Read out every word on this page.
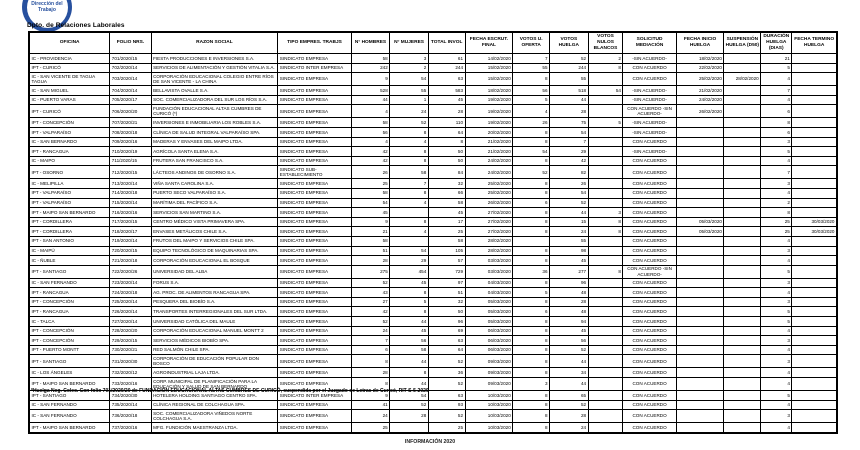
Dirección del
Trabajo
Dpto. de Relaciones Laborales
OFICINA	FOLIO NRS.	RAZON SOCIAL	TIPO EMPRES. TRABJS	N° HOMBRES	N° MUJERES	TOTAL INVOL	FECHA ESCRUT. FINAL	VOTOS U. OFERTA	VOTOS HUELGA	VOTOS NULOS BLANCOS	SOLICITUD MEDIACIÓN	FECHA INICIO HUELGA	SUSPENSIÓN HUELGA (D50)	DURACIÓN HUELGA (DIAS)	FECHA TERMINO HUELGA
IC - PROVIDENCIA	701/2020/15	FIESTA PRODUCCIONES E INVERSIONES S.A.	SINDICATO EMPRESA	58	3	61	14/02/2020	7	52	2	-SIN ACUERDO-	18/02/2020		21	
IPT - CURICÓ	702/2020/14	SERVICIOS DE ALIMENTACIÓN Y GESTIÓN VITALIA S.A.	SINDICATO INTER EMPRESA	242	2	244	15/02/2020	55	244	8	CON ACUERDO	22/02/2020		5	
IC - SAN VICENTE DE TAGUA TAGUA	703/2020/14	CORPORACIÓN EDUCACIONAL COLEGIO ENTRE RÍOS DE SAN VICENTE - LA CHINA	SINDICATO EMPRESA	9	54	63	15/02/2020	8	55		CON ACUERDO	25/02/2020	28/02/2020	4	
IC - SAN MIGUEL	704/2020/14	BELLAVISTA OVALLE S.A.	SINDICATO EMPRESA	528	55	583	18/02/2020	56	518	54	-SIN ACUERDO-	21/02/2020		7	
IC - PUERTO VARAS	705/2020/17	SOC. COMERCIALIZADORA DEL SUR LOS RÍOS S.A.	SINDICATO EMPRESA	44	1	45	19/02/2020	5	44		-SIN ACUERDO-	24/02/2020		4	
IPT - CURICÓ	706/2020/20	FUNDACIÓN EDUCACIONAL ALTAS CUMBRES DE CURICÓ (*)	SINDICATO EMPRESA	4	24	28	19/02/2020	4	28		CON ACUERDO -SIN ACUERDO-	26/02/2020		6	
IPT - CONCEPCIÓN	707/2020/21	INVERSIONES E INMOBILIARIA LOS ROBLES S.A.	SINDICATO EMPRESA	58	52	110	19/02/2020	26	75	5	-SIN ACUERDO-			8	
IPT - VALPARAÍSO	708/2020/18	CLÍNICA DE SALUD INTEGRAL VALPARAÍSO SPA.	SINDICATO EMPRESA	56	8	64	20/02/2020	8	54		-SIN ACUERDO-			6	
IC - SAN BERNARDO	709/2020/16	MADERAS Y ENVASES DEL MAIPO LTDA.	SINDICATO EMPRESA	4	4	8	21/02/2020	8	7		CON ACUERDO			3	
IPT - RANCAGUA	710/2020/19	AGRÍCOLA SANTA ELENA S.A.	SINDICATO EMPRESA	42	8	50	21/02/2020	54	29		-SIN ACUERDO-			5	
IC - MAIPO	711/2020/15	FRUTERA SAN FRANCISCO S.A.	SINDICATO EMPRESA	42	8	50	24/02/2020	8	42		CON ACUERDO			4	
IPT - OSORNO	712/2020/15	LÁCTEOS ANDINOS DE OSORNO S.A.	SINDICATO SUB-ESTABLECIMIENTO	26	58	84	24/02/2020	52	82		CON ACUERDO			7	
IC - MELIPILLA	713/2020/14	VIÑA SANTA CAROLINA S.A.	SINDICATO EMPRESA	25	7	32	25/02/2020	8	26		CON ACUERDO			3	
IPT - VALPARAÍSO	714/2020/18	PUERTO SECO VALPARAÍSO S.A.	SINDICATO EMPRESA	58	8	66	25/02/2020	8	54		CON ACUERDO			4	
IPT - VALPARAÍSO	715/2020/14	MARÍTIMA DEL PACÍFICO S.A.	SINDICATO EMPRESA	54	4	58	26/02/2020	6	52		CON ACUERDO			2	
IPT - MAIPO SAN BERNARDO	716/2020/16	SERVICIOS SAN MARTINO S.A.	SINDICATO EMPRESA	45		45	27/02/2020	8	44	3	CON ACUERDO			8	
IPT - CORDILLERA	717/2020/15	CENTRO MÉDICO VISTA PRIMAVERA SPA.	SINDICATO EMPRESA	9	8	17	27/02/2020	8	15	8	CON ACUERDO	05/03/2020		25	30/03/2020
IPT - CORDILLERA	718/2020/17	ENVASES METÁLICOS CHILE S.A.	SINDICATO EMPRESA	21	4	25	27/02/2020	8	24	8	CON ACUERDO	05/03/2020		25	30/03/2020
IPT - SAN ANTONIO	719/2020/14	FRUTOS DEL MAIPO Y SERVICIOS CHILE SPA.	SINDICATO EMPRESA	58		58	28/02/2020		55		CON ACUERDO			4	
IC - MAIPÚ	720/2020/15	EQUIPO TECNOLÓGICO DE MAQUINARIAS SPA.	SINDICATO EMPRESA	51	54	105	28/02/2020	8	98		CON ACUERDO			3	
IC - ÑUBLE	721/2020/18	CORPORACIÓN EDUCACIONAL EL BOSQUE	SINDICATO EMPRESA	28	29	57	03/03/2020	8	45		CON ACUERDO			4	
IPT - SANTIAGO	722/2020/26	UNIVERSIDAD DEL ALBA	SINDICATO EMPRESA	275	454	729	03/03/2020	36	277	8	CON ACUERDO -SIN ACUERDO-			5	
IC - SAN FERNANDO	723/2020/14	FORUS S.A.	SINDICATO EMPRESA	52	45	97	04/03/2020	8	96		CON ACUERDO			3	
IPT - RANCAGUA	724/2020/18	AG. PROC. DE ALIMENTOS RANCAGUA SPA.	SINDICATO EMPRESA	43	8	51	04/03/2020	5	48		CON ACUERDO			4	
IPT - CONCEPCIÓN	725/2020/14	PESQUERA DEL BIOBÍO S.A.	SINDICATO EMPRESA	27	5	32	05/03/2020	8	28		CON ACUERDO			3	
IPT - RANCAGUA	726/2020/14	TRANSPORTES INTERREGIONALES DEL SUR LTDA.	SINDICATO EMPRESA	42	8	50	05/03/2020	6	48		CON ACUERDO			5	
IC - TALCA	727/2020/14	UNIVERSIDAD CATÓLICA DEL MAULE	SINDICATO EMPRESA	52	44	96	05/03/2020	8	94		CON ACUERDO			5	
IPT - CONCEPCIÓN	728/2020/20	CORPORACIÓN EDUCACIONAL MANUEL MONTT 2	SINDICATO EMPRESA	24	45	69	06/03/2020	8	45		CON ACUERDO			4	
IPT - CONCEPCIÓN	729/2020/15	SERVICIOS MÉDICOS BIOBÍO SPA.	SINDICATO EMPRESA	7	56	63	06/03/2020	8	56		CON ACUERDO			3	
IPT - PUERTO MONTT	730/2020/21	RED SALMÓN CHILE SPA.	SINDICATO EMPRESA	6	58	64	06/03/2020	8	52		CON ACUERDO			4	
IPT - SANTIAGO	731/2020/30	CORPORACIÓN DE EDUCACIÓN POPULAR DON BOSCO	SINDICATO EMPRESA	8	44	52	09/03/2020	8	44		CON ACUERDO			3	
IC - LOS ÁNGELES	732/2020/12	AGROINDUSTRIAL LAJA LTDA.	SINDICATO EMPRESA	28	8	36	09/03/2020	8	34		CON ACUERDO			4	
IPT - MAIPO SAN BERNARDO	733/2020/16	CORP. MUNICIPAL DE PLANIFICACIÓN PARA LA EDUCACIÓN Y SALUD DE SAN BERNARDO	SINDICATO EMPRESA	8	44	52	09/03/2020	3	44		CON ACUERDO			4	
IPT - SANTIAGO	734/2020/30	HOTELERA HOLDING SANTIAGO CENTRO SPA.	SINDICATO INTER EMPRESA	9	54	63	10/03/2020	8	65		CON ACUERDO			5	
IC - SAN FERNANDO	735/2020/14	CLÍNICA REGIONAL DE COLCHAGUA SPA.	SINDICATO EMPRESA	41	52	93	10/03/2020	8	52		CON ACUERDO			4	
IC - SAN FERNANDO	736/2020/18	SOC. COMERCIALIZADORA VIÑEDOS NORTE COLCHAGUA S.A.	SINDICATO EMPRESA	24	28	52	10/03/2020	8	28		CON ACUERDO			3	
IPT - MAIPO SAN BERNARDO	737/2020/16	MFG. FUNDICIÓN MAESTRANZA LTDA.	SINDICATO EMPRESA	25		25	10/03/2020	8	24		CON ACUERDO			4	
*Huelga Neg. Colec. Con folio 701/2020/20 de FUNDACIÓN EDUCACIONAL ALTAS CUMBRES DE CURICÓ, suspendida por el Juzgado de Letras de Curicó, RIT S-5-2020
INFORMACIÓN 2020
